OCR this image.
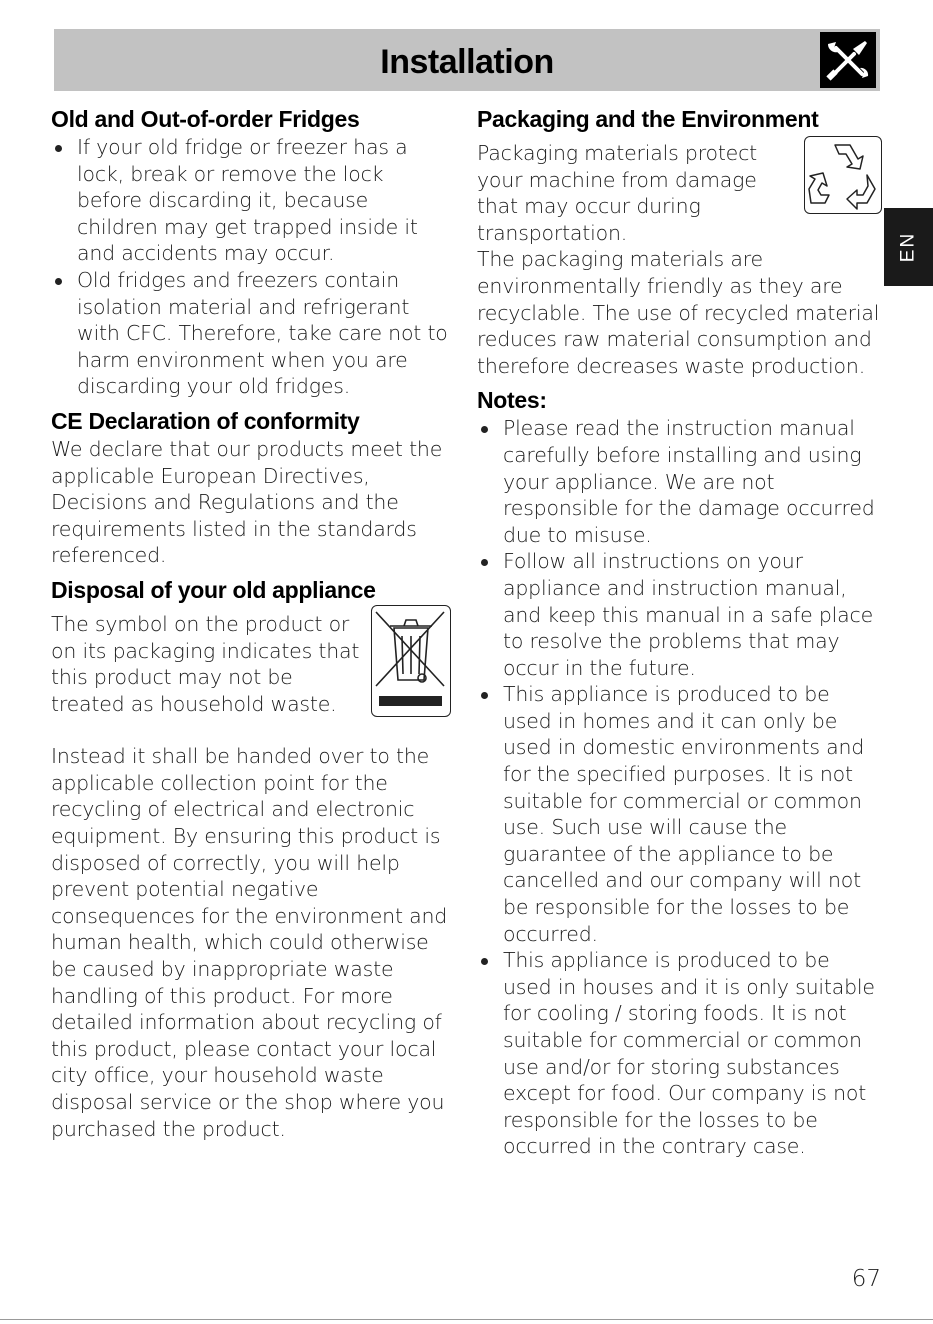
Installation
EN
Old and Out-of-order Fridges
If your old fridge or freezer has a lock, break or remove the lock before discarding it, because children may get trapped inside it and accidents may occur.
Old fridges and freezers contain isolation material and refrigerant with CFC. Therefore, take care not to harm environment when you are discarding your old fridges.
CE Declaration of conformity

We declare that our products meet the applicable European Directives, Decisions and Regulations and the requirements listed in the standards referenced.

Disposal of your old appliance

The symbol on the product or on its packaging indicates that this product may not be treated as household waste.

Instead it shall be handed over to the applicable collection point for the recycling of electrical and electronic equipment. By ensuring this product is disposed of correctly, you will help prevent potential negative consequences for the environment and human health, which could otherwise be caused by inappropriate waste handling of this product. For more detailed information about recycling of this product, please contact your local city office, your household waste disposal service or the shop where you purchased the product.

Packaging and the Environment

Packaging materials protect your machine from damage that may occur during transportation.

The packaging materials are environmentally friendly as they are recyclable. The use of recycled material reduces raw material consumption and therefore decreases waste production.

Notes:
Please read the instruction manual carefully before installing and using your appliance. We are not responsible for the damage occurred due to misuse.
Follow all instructions on your appliance and instruction manual, and keep this manual in a safe place to resolve the problems that may occur in the future.
This appliance is produced to be used in homes and it can only be used in domestic environments and for the specified purposes. It is not suitable for commercial or common use. Such use will cause the guarantee of the appliance to be cancelled and our company will not be responsible for the losses to be occurred.
This appliance is produced to be used in houses and it is only suitable for cooling / storing foods. It is not suitable for commercial or common use and/or for storing substances except for food. Our company is not responsible for the losses to be occurred in the contrary case.
67
